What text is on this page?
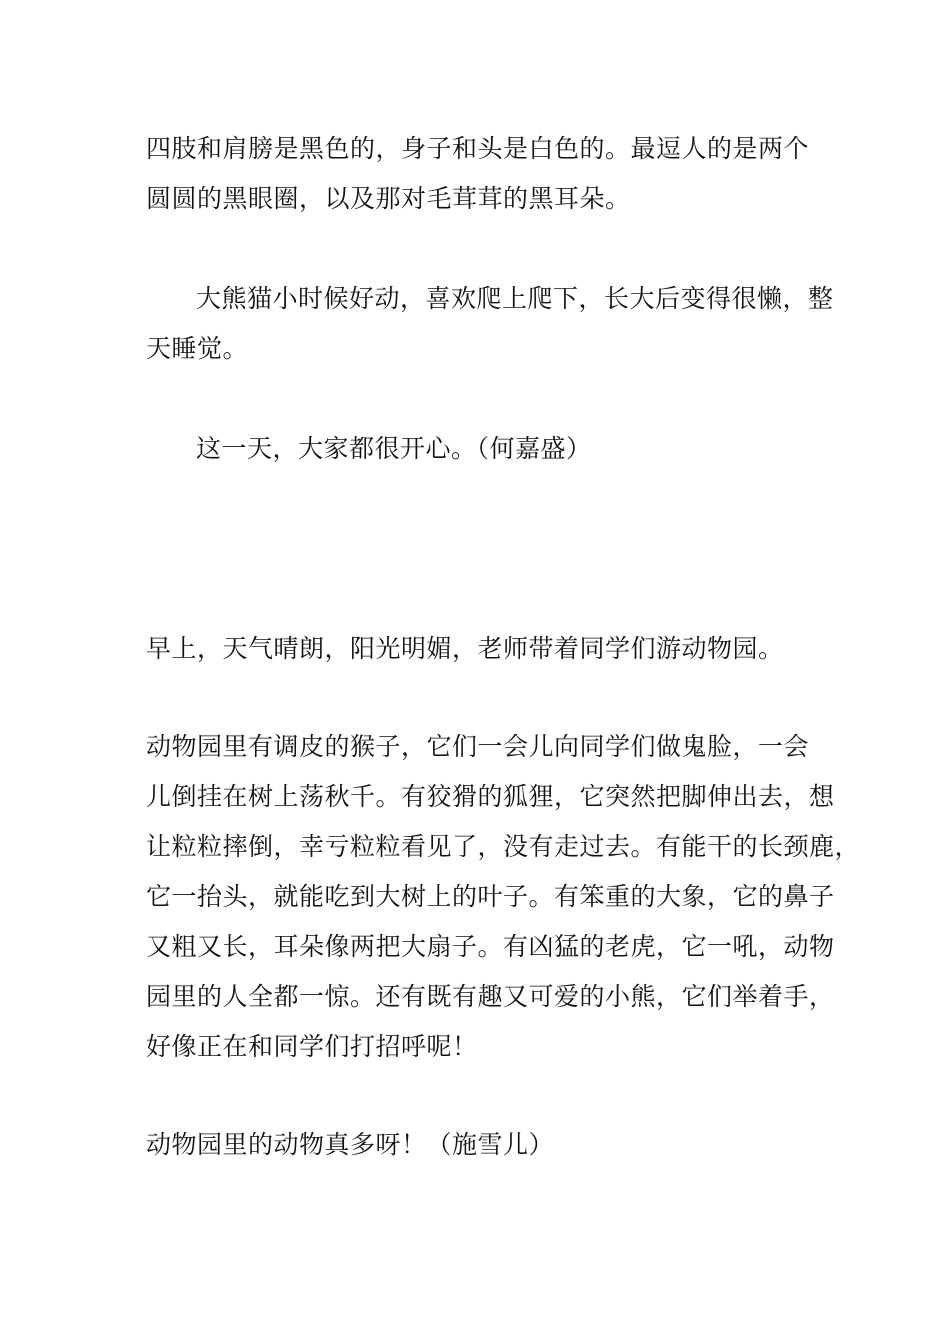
四肢和肩膀是黑色的，身子和头是白色的。最逗人的是两个
圆圆的黑眼圈，以及那对毛茸茸的黑耳朵。

大熊猫小时候好动，喜欢爬上爬下，长大后变得很懒，整
天睡觉。

这一天，大家都很开心。（何嘉盛）

早上，天气晴朗，阳光明媚，老师带着同学们游动物园。

动物园里有调皮的猴子，它们一会儿向同学们做鬼脸，一会
儿倒挂在树上荡秋千。有狡猾的狐狸，它突然把脚伸出去，想
让粒粒摔倒，幸亏粒粒看见了，没有走过去。有能干的长颈鹿，
它一抬头，就能吃到大树上的叶子。有笨重的大象，它的鼻子
又粗又长，耳朵像两把大扇子。有凶猛的老虎，它一吼，动物
园里的人全都一惊。还有既有趣又可爱的小熊，它们举着手，
好像正在和同学们打招呼呢！

动物园里的动物真多呀！（施雪儿）
